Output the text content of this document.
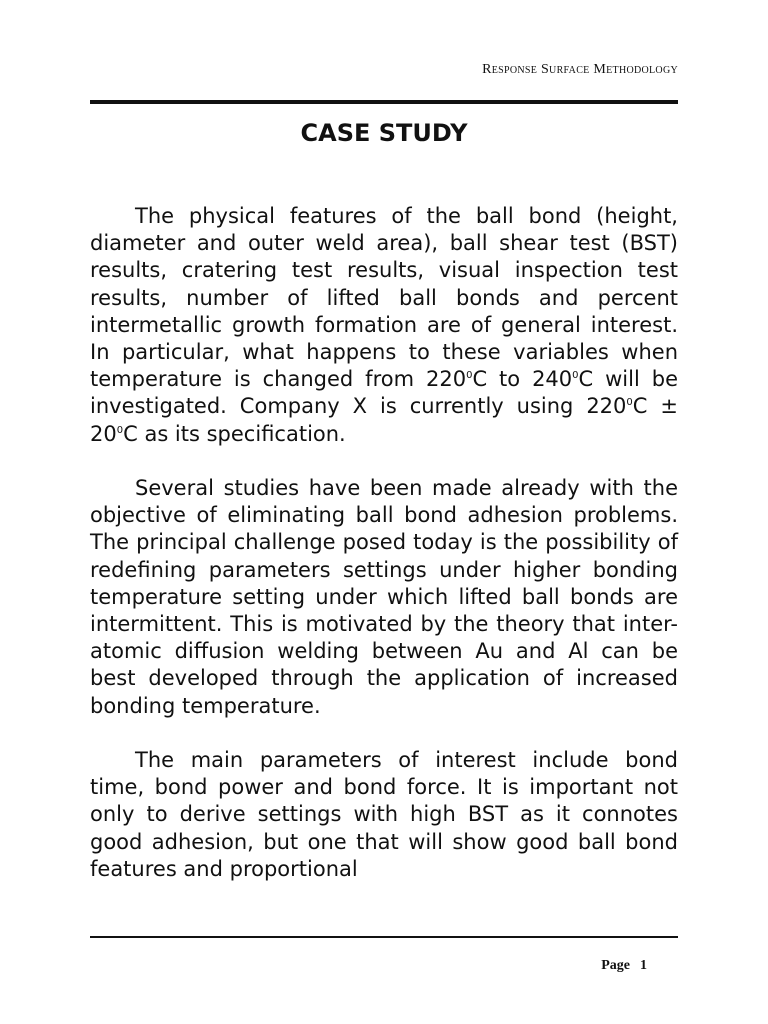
Response Surface Methodology
CASE STUDY

The physical features of the ball bond (height, diameter and outer weld area), ball shear test (BST) results, cratering test results, visual inspection test results, number of lifted ball bonds and percent intermetallic growth formation are of general interest. In particular, what happens to these variables when temperature is changed from $220^0C$ to $240^0C$ will be investigated. Company X is currently using $220^0C \pm 20^0C$ as its specification.

Several studies have been made already with the objective of eliminating ball bond adhesion problems. The principal challenge posed today is the possibility of redefining parameters settings under higher bonding temperature setting under which lifted ball bonds are intermittent. This is motivated by the theory that inter-atomic diffusion welding between Au and Al can be best developed through the application of increased bonding temperature.

The main parameters of interest include bond time, bond power and bond force. It is important not only to derive settings with high BST as it connotes good adhesion, but one that will show good ball bond features and proportional

Page 1
